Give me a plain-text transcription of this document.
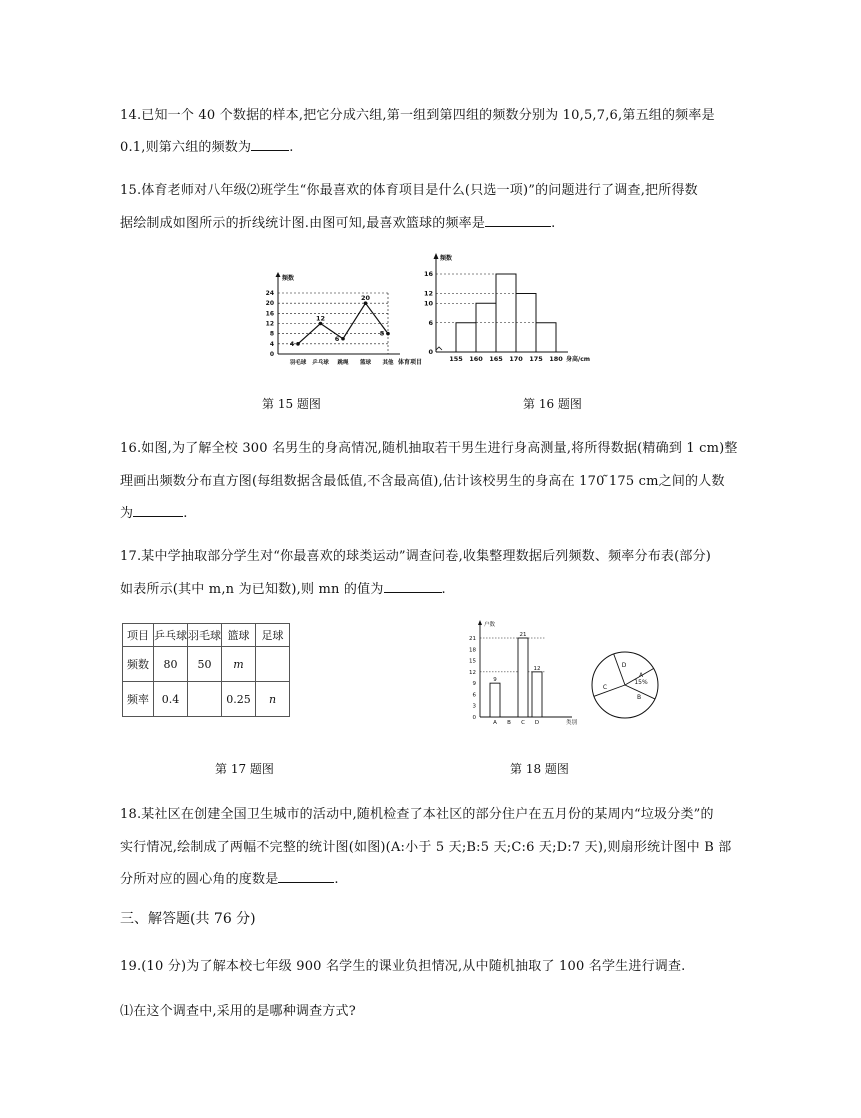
14.已知一个 40 个数据的样本,把它分成六组,第一组到第四组的频数分别为 10,5,7,6,第五组的频率是
0.1,则第六组的频数为	.
15.体育老师对八年级⑵班学生“你最喜欢的体育项目是什么(只选一项)”的问题进行了调查,把所得数
据绘制成如图所示的折线统计图.由图可知,最喜欢篮球的频率是	.
频数
体育项目
0
4
8
12
16
20
24
4
羽毛球
12
乒乓球
6
跳绳
20
篮球
8
其他
第 15 题图
频数
身高/cm
0
6
10
12
16
155 160 165 170 175 180
第 16 题图
16.如图,为了解全校 300 名男生的身高情况,随机抽取若干男生进行身高测量,将所得数据(精确到 1 cm)整
理画出频数分布直方图(每组数据含最低值,不含最高值),估计该校男生的身高在 170 ̃175 cm之间的人数
为	.
17.某中学抽取部分学生对“你最喜欢的球类运动”调查问卷,收集整理数据后列频数、频率分布表(部分)
如表所示(其中 m,n 为已知数),则 mn 的值为	.
项目	乒乓球	羽毛球	篮球	足球
频数	80	50	m	
频率	0.4		0.25	n
第 17 题图
户数
类别
0
3
6
9
12
15
18
21
9
A B
21
C
12
D
A
B
C
D
15%
第 18 题图
18.某社区在创建全国卫生城市的活动中,随机检查了本社区的部分住户在五月份的某周内“垃圾分类”的
实行情况,绘制成了两幅不完整的统计图(如图)(A:小于 5 天;B:5 天;C:6 天;D:7 天),则扇形统计图中 B 部
分所对应的圆心角的度数是	.
三、解答题(共 76 分)
19.(10 分)为了解本校七年级 900 名学生的课业负担情况,从中随机抽取了 100 名学生进行调查.
⑴在这个调查中,采用的是哪种调查方式?
